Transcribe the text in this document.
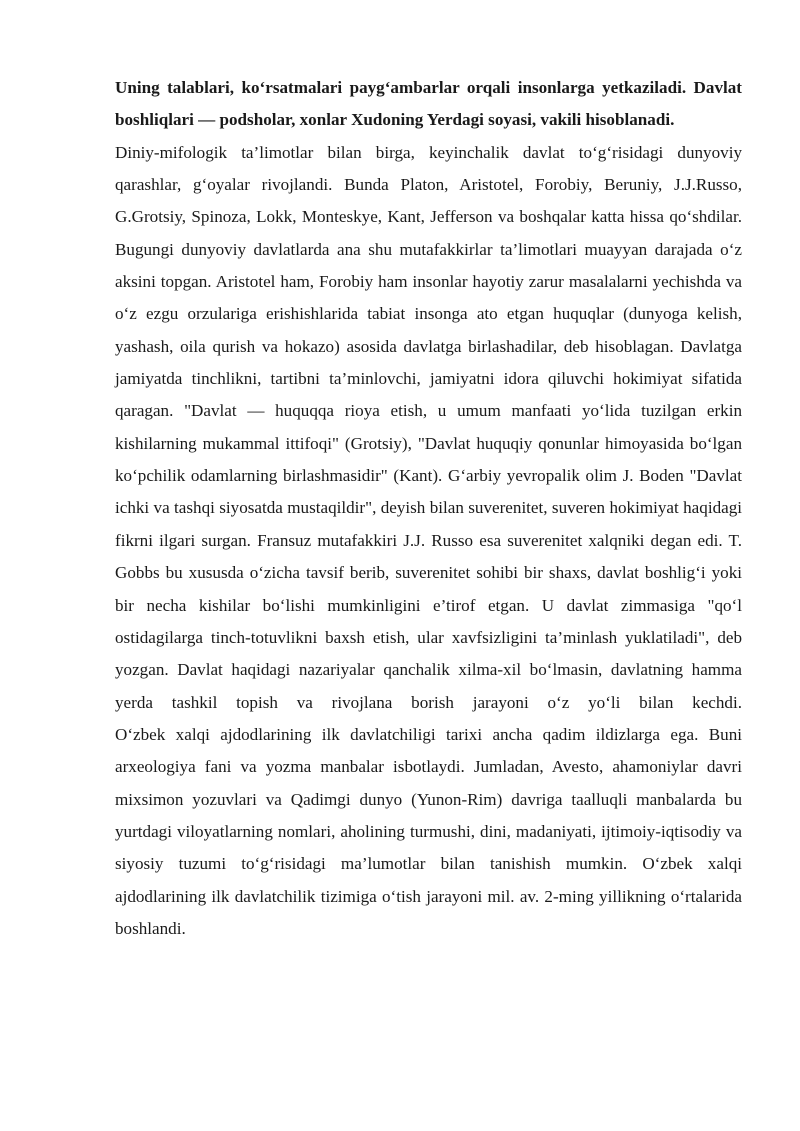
Uning talablari, ko‘rsatmalari payg‘ambarlar orqali insonlarga yetkaziladi. Davlat boshliqlari — podsholar, xonlar Xudoning Yerdagi soyasi, vakili hisoblanadi.

Diniy-mifologik ta’limotlar bilan birga, keyinchalik davlat to‘g‘risidagi dunyoviy qarashlar, g‘oyalar rivojlandi. Bunda Platon, Aristotel, Forobiy, Beruniy, J.J.Russo, G.Grotsiy, Spinoza, Lokk, Monteskye, Kant, Jefferson va boshqalar katta hissa qo‘shdilar. Bugungi dunyoviy davlatlarda ana shu mutafakkirlar ta’limotlari muayyan darajada o‘z aksini topgan. Aristotel ham, Forobiy ham insonlar hayotiy zarur masalalarni yechishda va o‘z ezgu orzulariga erishishlarida tabiat insonga ato etgan huquqlar (dunyoga kelish, yashash, oila qurish va hokazo) asosida davlatga birlashadilar, deb hisoblagan. Davlatga jamiyatda tinchlikni, tartibni ta’minlovchi, jamiyatni idora qiluvchi hokimiyat sifatida qaragan. "Davlat — huquqqa rioya etish, u umum manfaati yo‘lida tuzilgan erkin kishilarning mukammal ittifoqi" (Grotsiy), "Davlat huquqiy qonunlar himoyasida bo‘lgan ko‘pchilik odamlarning birlashmasidir" (Kant). G‘arbiy yevropalik olim J. Boden "Davlat ichki va tashqi siyosatda mustaqildir", deyish bilan suverenitet, suveren hokimiyat haqidagi fikrni ilgari surgan. Fransuz mutafakkiri J.J. Russo esa suverenitet xalqniki degan edi. T. Gobbs bu xususda o‘zicha tavsif berib, suverenitet sohibi bir shaxs, davlat boshlig‘i yoki bir necha kishilar bo‘lishi mumkinligini e’tirof etgan. U davlat zimmasiga "qo‘l ostidagilarga tinch-totuvlikni baxsh etish, ular xavfsizligini ta’minlash yuklatiladi", deb yozgan. Davlat haqidagi nazariyalar qanchalik xilma-xil bo‘lmasin, davlatning hamma yerda tashkil topish va rivojlana borish jarayoni o‘z yo‘li bilan kechdi.

O‘zbek xalqi ajdodlarining ilk davlatchiligi tarixi ancha qadim ildizlarga ega. Buni arxeologiya fani va yozma manbalar isbotlaydi. Jumladan, Avesto, ahamoniylar davri mixsimon yozuvlari va Qadimgi dunyo (Yunon-Rim) davriga taalluqli manbalarda bu yurtdagi viloyatlarning nomlari, aholining turmushi, dini, madaniyati, ijtimoiy-iqtisodiy va siyosiy tuzumi to‘g‘risidagi ma’lumotlar bilan tanishish mumkin. O‘zbek xalqi ajdodlarining ilk davlatchilik tizimiga o‘tish jarayoni mil. av. 2-ming yillikning o‘rtalarida boshlandi.
